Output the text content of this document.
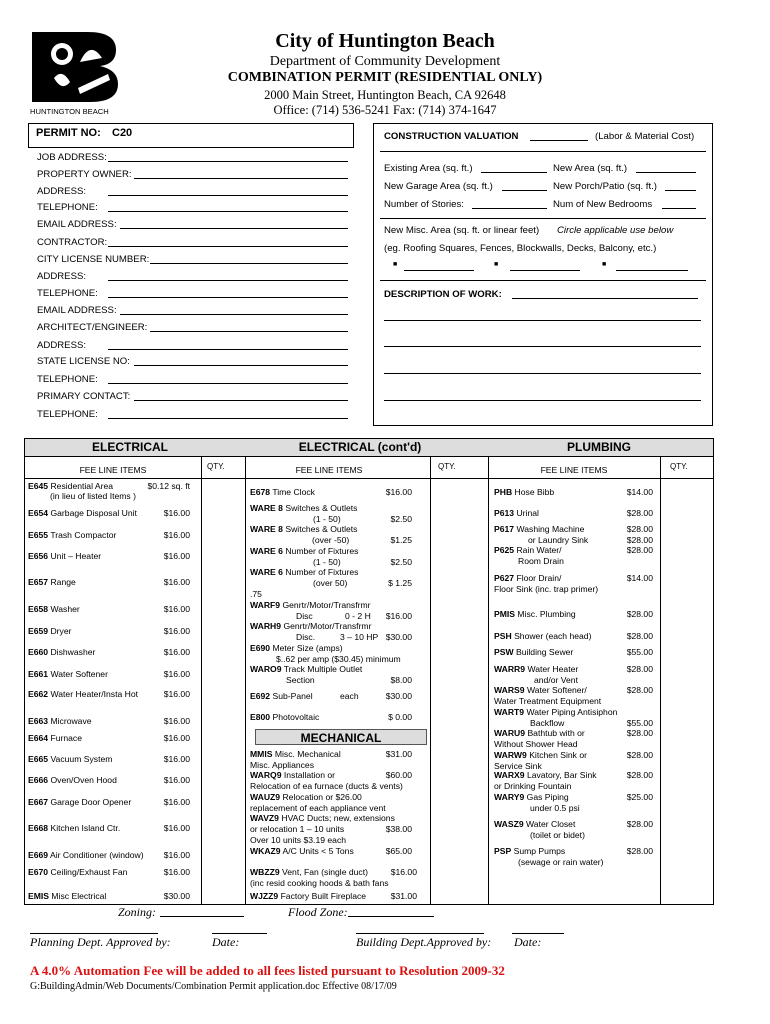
HUNTINGTON BEACH
City of Huntington Beach
Department of Community Development
COMBINATION PERMIT (RESIDENTIAL ONLY)
2000 Main Street, Huntington Beach, CA 92648
Office: (714) 536-5241 Fax: (714) 374-1647
PERMIT NO: C20
JOB ADDRESS:
PROPERTY OWNER:
ADDRESS:
TELEPHONE:
EMAIL ADDRESS:
CONTRACTOR:
CITY LICENSE NUMBER:
ADDRESS:
TELEPHONE:
EMAIL ADDRESS:
ARCHITECT/ENGINEER:
ADDRESS:
STATE LICENSE NO:
TELEPHONE:
PRIMARY CONTACT:
TELEPHONE:
CONSTRUCTION VALUATION	(Labor & Material Cost)
Existing Area (sq. ft.)	New Area (sq. ft.)
New Garage Area (sq. ft.)	New Porch/Patio (sq. ft.)
Number of Stories:	Num of New Bedrooms
New Misc. Area (sq. ft. or linear feet) Circle applicable use below
(eg. Roofing Squares, Fences, Blockwalls, Decks, Balcony, etc.)
■	■	■
DESCRIPTION OF WORK:
ELECTRICAL	ELECTRICAL (cont'd)	PLUMBING
FEE LINE ITEMS	QTY.	FEE LINE ITEMS	QTY.	FEE LINE ITEMS	QTY.
E645 Residential Area	$0.12 sq. ft
(in lieu of listed Items )
E654 Garbage Disposal Unit	$16.00
E655 Trash Compactor	$16.00
E656 Unit – Heater	$16.00
E657 Range	$16.00
E658 Washer	$16.00
E659 Dryer	$16.00
E660 Dishwasher	$16.00
E661 Water Softener	$16.00
E662 Water Heater/Insta Hot	$16.00
E663 Microwave	$16.00
E664 Furnace	$16.00
E665 Vacuum System	$16.00
E666 Oven/Oven Hood	$16.00
E667 Garage Door Opener	$16.00
E668 Kitchen Island Ctr.	$16.00
E669 Air Conditioner (window)	$16.00
E670 Ceiling/Exhaust Fan	$16.00
EMIS Misc Electrical	$30.00
E678 Time Clock	$16.00
WARE 8 Switches & Outlets
(1 - 50)	$2.50
WARE 8 Switches & Outlets
(over -50)	$1.25
WARE 6 Number of Fixtures
(1 - 50)	$2.50
WARE 6 Number of Fixtures
(over 50)	$ 1.25
.75
WARF9 Genrtr/Motor/Transfrmr
Disc	0 - 2 H	$16.00
WARH9 Genrtr/Motor/Transfrmr
Disc.	3 – 10 HP $30.00
E690 Meter Size (amps)
$..62 per amp ($30.45) minimum
WARO9 Track Multiple Outlet
Section	$8.00
E692 Sub-Panel	each	$30.00
E800 Photovoltaic	$ 0.00
MECHANICAL
MMIS Misc. Mechanical	$31.00
Misc. Appliances
WARQ9 Installation or	$60.00
Relocation of ea furnace (ducts & vents)
WAUZ9 Relocation or $26.00
replacement of each appliance vent
WAVZ9 HVAC Ducts; new, extensions
or relocation 1 – 10 units	$38.00
Over 10 units $3.19 each
WKAZ9 A/C Units < 5 Tons	$65.00
WBZZ9 Vent, Fan (single duct)	$16.00
(inc resid cooking hoods & bath fans
WJZZ9 Factory Built Fireplace	$31.00
PHB Hose Bibb	$14.00
P613 Urinal	$28.00
P617 Washing Machine	$28.00
or Laundry Sink	$28.00
P625 Rain Water/	$28.00
Room Drain
P627 Floor Drain/	$14.00
Floor Sink (inc. trap primer)
PMIS Misc. Plumbing	$28.00
PSH Shower (each head)	$28.00
PSW Building Sewer	$55.00
WARR9 Water Heater	$28.00
and/or Vent
WARS9 Water Softener/	$28.00
Water Treatment Equipment
WART9 Water Piping Antisiphon
Backflow	$55.00
WARU9 Bathtub with or	$28.00
Without Shower Head
WARW9 Kitchen Sink or	$28.00
Service Sink
WARX9 Lavatory, Bar Sink	$28.00
or Drinking Fountain
WARY9 Gas Piping	$25.00
under 0.5 psi
WASZ9 Water Closet	$28.00
(toilet or bidet)
PSP Sump Pumps	$28.00
(sewage or rain water)
Zoning:	Flood Zone:
Planning Dept. Approved by:	Date:	Building Dept.Approved by: Date:
A 4.0% Automation Fee will be added to all fees listed pursuant to Resolution 2009-32
G:BuildingAdmin/Web Documents/Combination Permit application.doc Effective 08/17/09
